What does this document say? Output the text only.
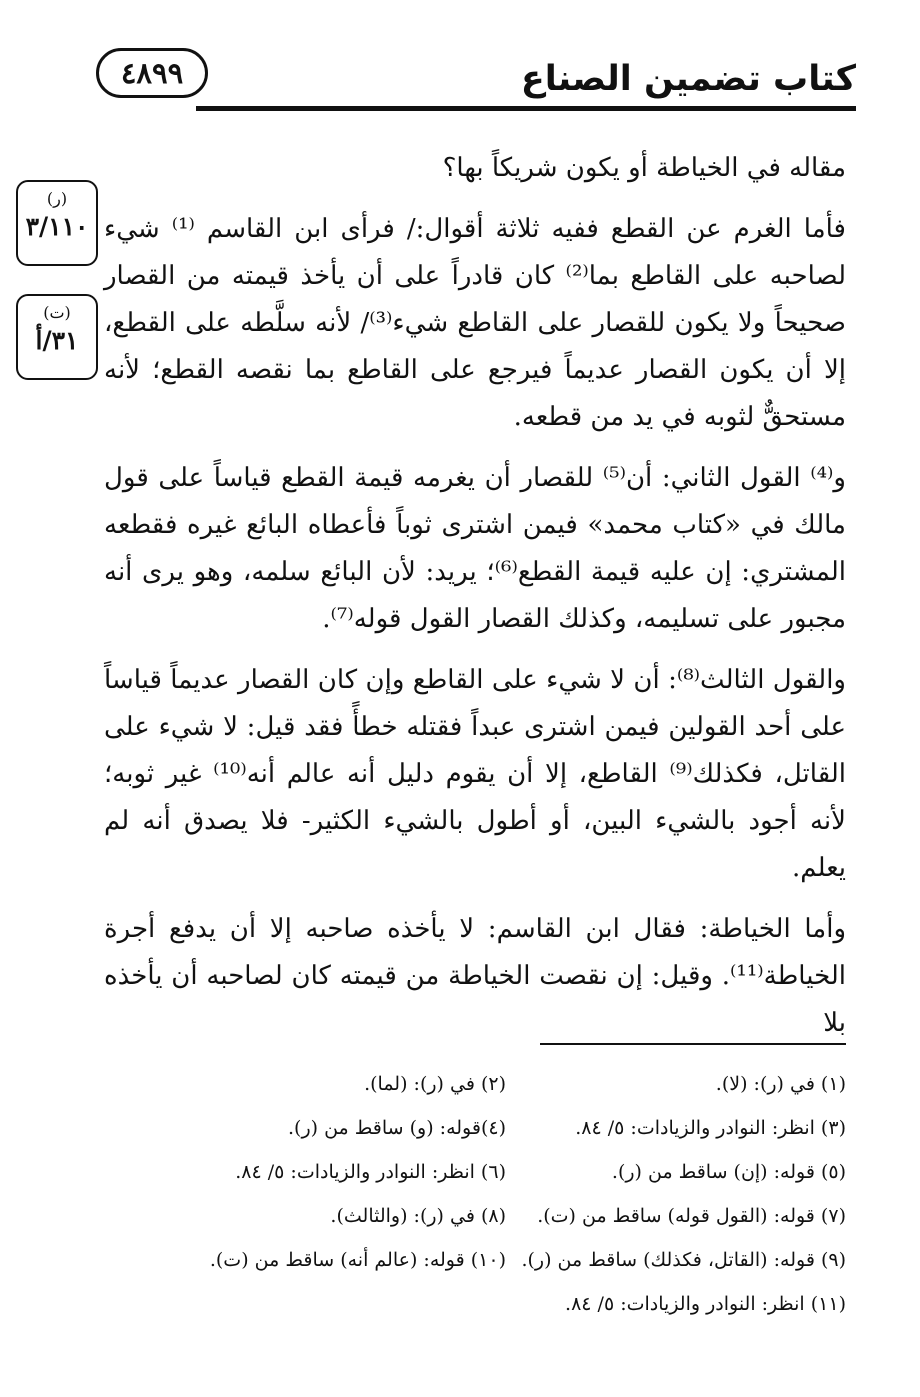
٤٨٩٩	كتاب تضمين الصناع
(ر)
٣/١١٠
(ت)
٣١/أ

مقاله في الخياطة أو يكون شريكاً بها؟

فأما الغرم عن القطع ففيه ثلاثة أقوال:/ فرأى ابن القاسم ⁽¹⁾ شيء لصاحبه على القاطع بما⁽²⁾ كان قادراً على أن يأخذ قيمته من القصار صحيحاً ولا يكون للقصار على القاطع شيء⁽³⁾/ لأنه سلَّطه على القطع، إلا أن يكون القصار عديماً فيرجع على القاطع بما نقصه القطع؛ لأنه مستحقٌّ لثوبه في يد من قطعه.

و⁽⁴⁾ القول الثاني: أن⁽⁵⁾ للقصار أن يغرمه قيمة القطع قياساً على قول مالك في «كتاب محمد» فيمن اشترى ثوباً فأعطاه البائع غيره فقطعه المشتري: إن عليه قيمة القطع⁽⁶⁾؛ يريد: لأن البائع سلمه، وهو يرى أنه مجبور على تسليمه، وكذلك القصار القول قوله⁽⁷⁾.

والقول الثالث⁽⁸⁾: أن لا شيء على القاطع وإن كان القصار عديماً قياساً على أحد القولين فيمن اشترى عبداً فقتله خطأً فقد قيل: لا شيء على القاتل، فكذلك⁽⁹⁾ القاطع، إلا أن يقوم دليل أنه عالم أنه⁽¹⁰⁾ غير ثوبه؛ لأنه أجود بالشيء البين، أو أطول بالشيء الكثير- فلا يصدق أنه لم يعلم.

وأما الخياطة: فقال ابن القاسم: لا يأخذه صاحبه إلا أن يدفع أجرة الخياطة⁽¹¹⁾. وقيل: إن نقصت الخياطة من قيمته كان لصاحبه أن يأخذه بلا

(١) في (ر): (لا).
(٢) في (ر): (لما).
(٣) انظر: النوادر والزيادات: ٥/ ٨٤.
(٤)قوله: (و) ساقط من (ر).
(٥) قوله: (إن) ساقط من (ر).
(٦) انظر: النوادر والزيادات: ٥/ ٨٤.
(٧) قوله: (القول قوله) ساقط من (ت).
(٨) في (ر): (والثالث).
(٩) قوله: (القاتل، فكذلك) ساقط من (ر).
(١٠) قوله: (عالم أنه) ساقط من (ت).
(١١) انظر: النوادر والزيادات: ٥/ ٨٤.
